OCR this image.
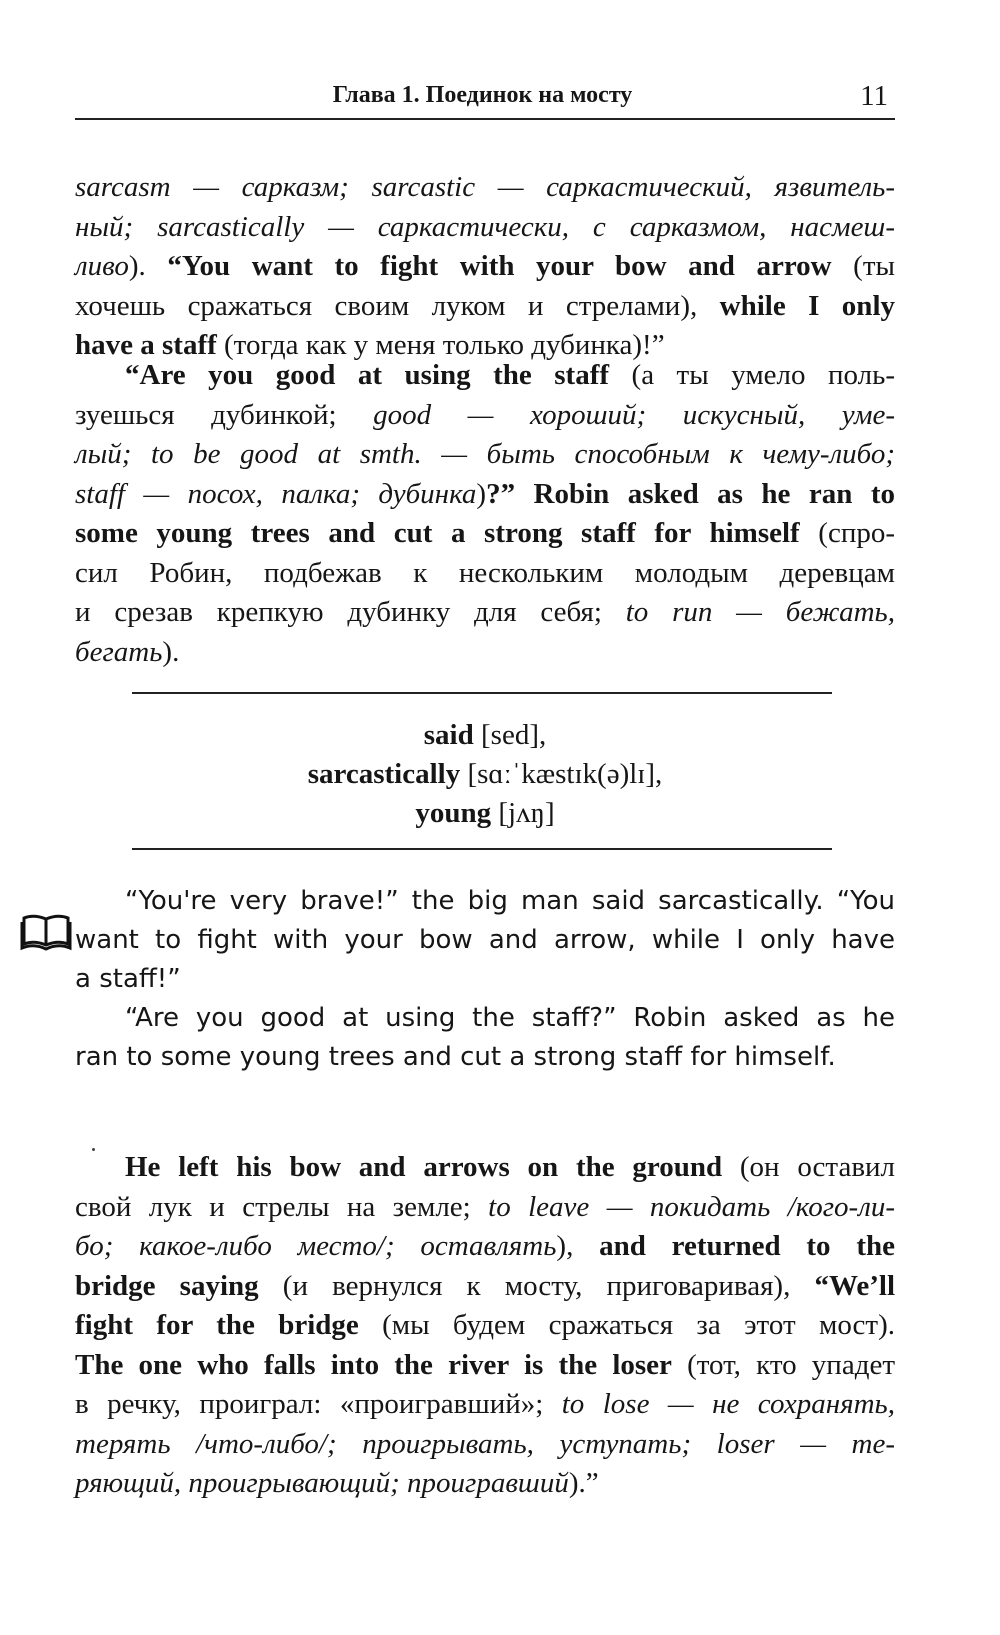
Глава 1. Поединок на мосту	11
sarcasm — сарказм; sarcastic — саркастический, язвитель-
ный; sarcastically — саркастически, с сарказмом, насмеш-
ливо). “You want to fight with your bow and arrow (ты
хочешь сражаться своим луком и стрелами), while I only
have a staff (тогда как у меня только дубинка)!”
“Are you good at using the staff (а ты умело поль-
зуешься дубинкой; good — хороший; искусный, уме-
лый; to be good at smth. — быть способным к чему-либо;
staff — посох, палка; дубинка)?” Robin asked as he ran to
some young trees and cut a strong staff for himself (спро-
сил Робин, подбежав к нескольким молодым деревцам
и срезав крепкую дубинку для себя; to run — бежать,
бегать).
said [sed],
sarcastically [sɑːˈkæstɪk(ə)lɪ],
young [jʌŋ]
“You're very brave!” the big man said sarcastically. “You
want to fight with your bow and arrow, while I only have
a staff!”
“Are you good at using the staff?” Robin asked as he
ran to some young trees and cut a strong staff for himself.
He left his bow and arrows on the ground (он оставил
свой лук и стрелы на земле; to leave — покидать /кого-ли-
бо; какое-либо место/; оставлять), and returned to the
bridge saying (и вернулся к мосту, приговаривая), “We’ll
fight for the bridge (мы будем сражаться за этот мост).
The one who falls into the river is the loser (тот, кто упадет
в речку, проиграл: «проигравший»; to lose — не сохранять,
терять /что-либо/; проигрывать, уступать; loser — те-
ряющий, проигрывающий; проигравший).”
